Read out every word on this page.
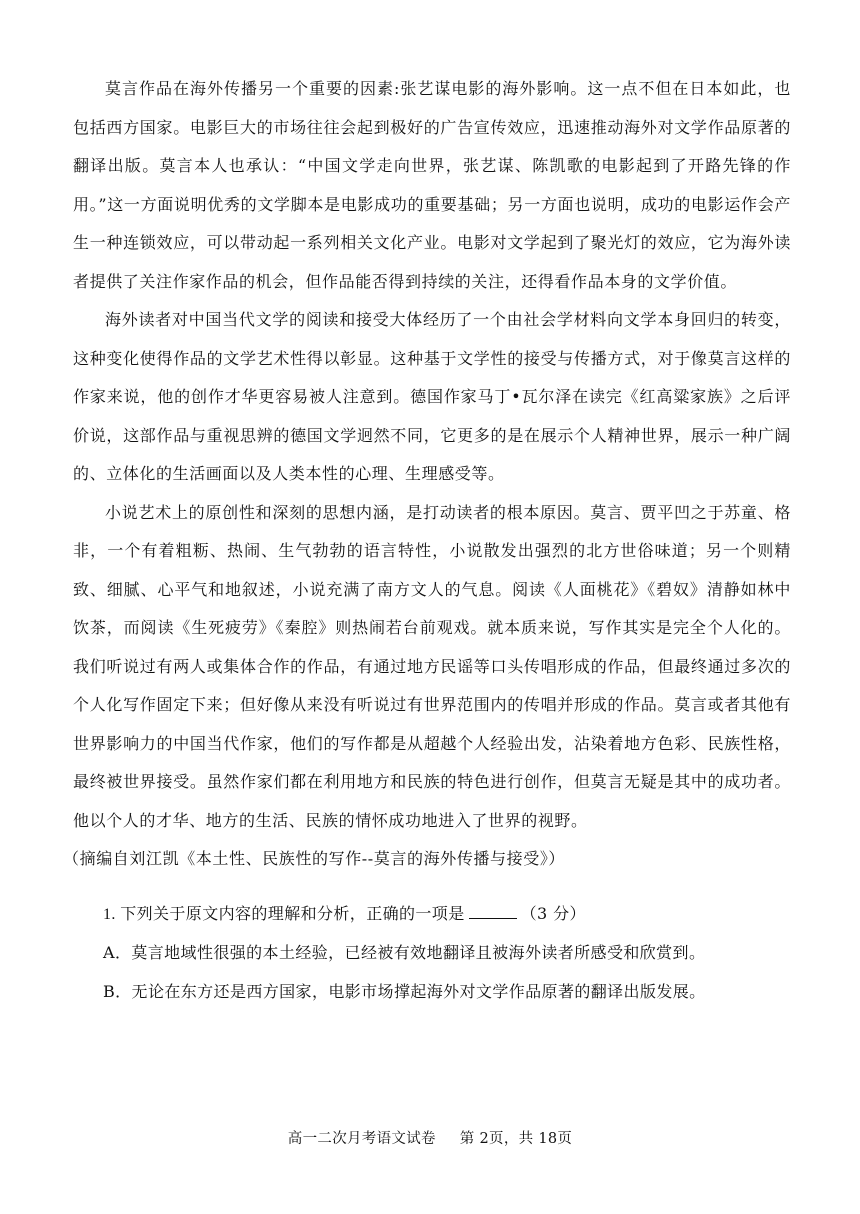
莫言作品在海外传播另一个重要的因素:张艺谋电影的海外影响。这一点不但在日本如此，也包括西方国家。电影巨大的市场往往会起到极好的广告宣传效应，迅速推动海外对文学作品原著的翻译出版。莫言本人也承认：“中国文学走向世界，张艺谋、陈凯歌的电影起到了开路先锋的作用。”这一方面说明优秀的文学脚本是电影成功的重要基础；另一方面也说明，成功的电影运作会产生一种连锁效应，可以带动起一系列相关文化产业。电影对文学起到了聚光灯的效应，它为海外读者提供了关注作家作品的机会，但作品能否得到持续的关注，还得看作品本身的文学价值。

海外读者对中国当代文学的阅读和接受大体经历了一个由社会学材料向文学本身回归的转变，这种变化使得作品的文学艺术性得以彰显。这种基于文学性的接受与传播方式，对于像莫言这样的作家来说，他的创作才华更容易被人注意到。德国作家马丁•瓦尔泽在读完《红高粱家族》之后评价说，这部作品与重视思辨的德国文学迥然不同，它更多的是在展示个人精神世界，展示一种广阔的、立体化的生活画面以及人类本性的心理、生理感受等。

小说艺术上的原创性和深刻的思想内涵，是打动读者的根本原因。莫言、贾平凹之于苏童、格非，一个有着粗粝、热闹、生气勃勃的语言特性，小说散发出强烈的北方世俗味道；另一个则精致、细腻、心平气和地叙述，小说充满了南方文人的气息。阅读《人面桃花》《碧奴》清静如林中饮茶，而阅读《生死疲劳》《秦腔》则热闹若台前观戏。就本质来说，写作其实是完全个人化的。我们听说过有两人或集体合作的作品，有通过地方民谣等口头传唱形成的作品，但最终通过多次的个人化写作固定下来；但好像从来没有听说过有世界范围内的传唱并形成的作品。莫言或者其他有世界影响力的中国当代作家，他们的写作都是从超越个人经验出发，沾染着地方色彩、民族性格，最终被世界接受。虽然作家们都在利用地方和民族的特色进行创作，但莫言无疑是其中的成功者。他以个人的才华、地方的生活、民族的情怀成功地进入了世界的视野。

（摘编自刘江凯《本土性、民族性的写作--莫言的海外传播与接受》）

1. 下列关于原文内容的理解和分析，正确的一项是	（3 分）

A．莫言地域性很强的本土经验，已经被有效地翻译且被海外读者所感受和欣赏到。

B．无论在东方还是西方国家，电影市场撑起海外对文学作品原著的翻译出版发展。

高一二次月考语文试卷 第 2页，共 18页
